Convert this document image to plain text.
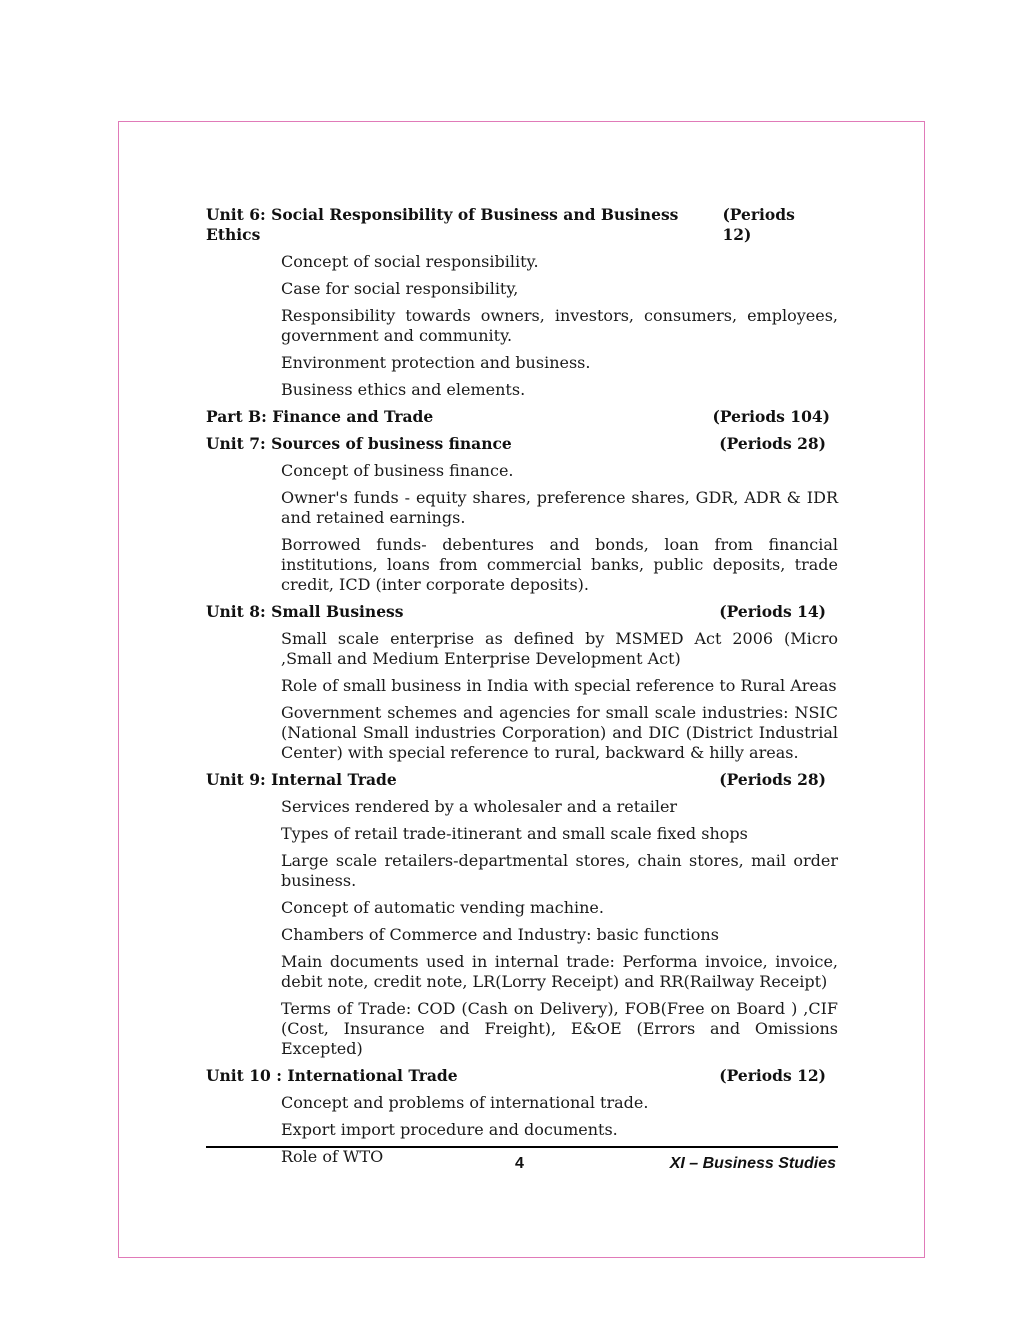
Unit 6: Social Responsibility of Business and Business Ethics
(Periods 12)
Concept of social responsibility.
Case for social responsibility,
Responsibility towards owners, investors, consumers, employees, government and community.
Environment protection and business.
Business ethics and elements.
Part B: Finance and Trade	(Periods 104)
Unit 7: Sources of business finance	(Periods 28)
Concept of business finance.
Owner's funds - equity shares, preference shares, GDR, ADR & IDR and retained earnings.
Borrowed funds- debentures and bonds, loan from financial institutions, loans from commercial banks, public deposits, trade credit, ICD (inter corporate deposits).
Unit 8: Small Business	(Periods 14)
Small scale enterprise as defined by MSMED Act 2006 (Micro ,Small and Medium Enterprise Development Act)
Role of small business in India with special reference to Rural Areas
Government schemes and agencies for small scale industries: NSIC (National Small industries Corporation) and DIC (District Industrial Center) with special reference to rural, backward & hilly areas.
Unit 9: Internal Trade	(Periods 28)
Services rendered by a wholesaler and a retailer
Types of retail trade-itinerant and small scale fixed shops
Large scale retailers-departmental stores, chain stores, mail order business.
Concept of automatic vending machine.
Chambers of Commerce and Industry: basic functions
Main documents used in internal trade: Performa invoice, invoice, debit note, credit note, LR(Lorry Receipt) and RR(Railway Receipt)
Terms of Trade: COD (Cash on Delivery), FOB(Free on Board ) ,CIF (Cost, Insurance and Freight), E&OE (Errors and Omissions Excepted)
Unit 10 : International Trade	(Periods 12)
Concept and problems of international trade.
Export import procedure and documents.
Role of WTO	4	XI – Business Studies
